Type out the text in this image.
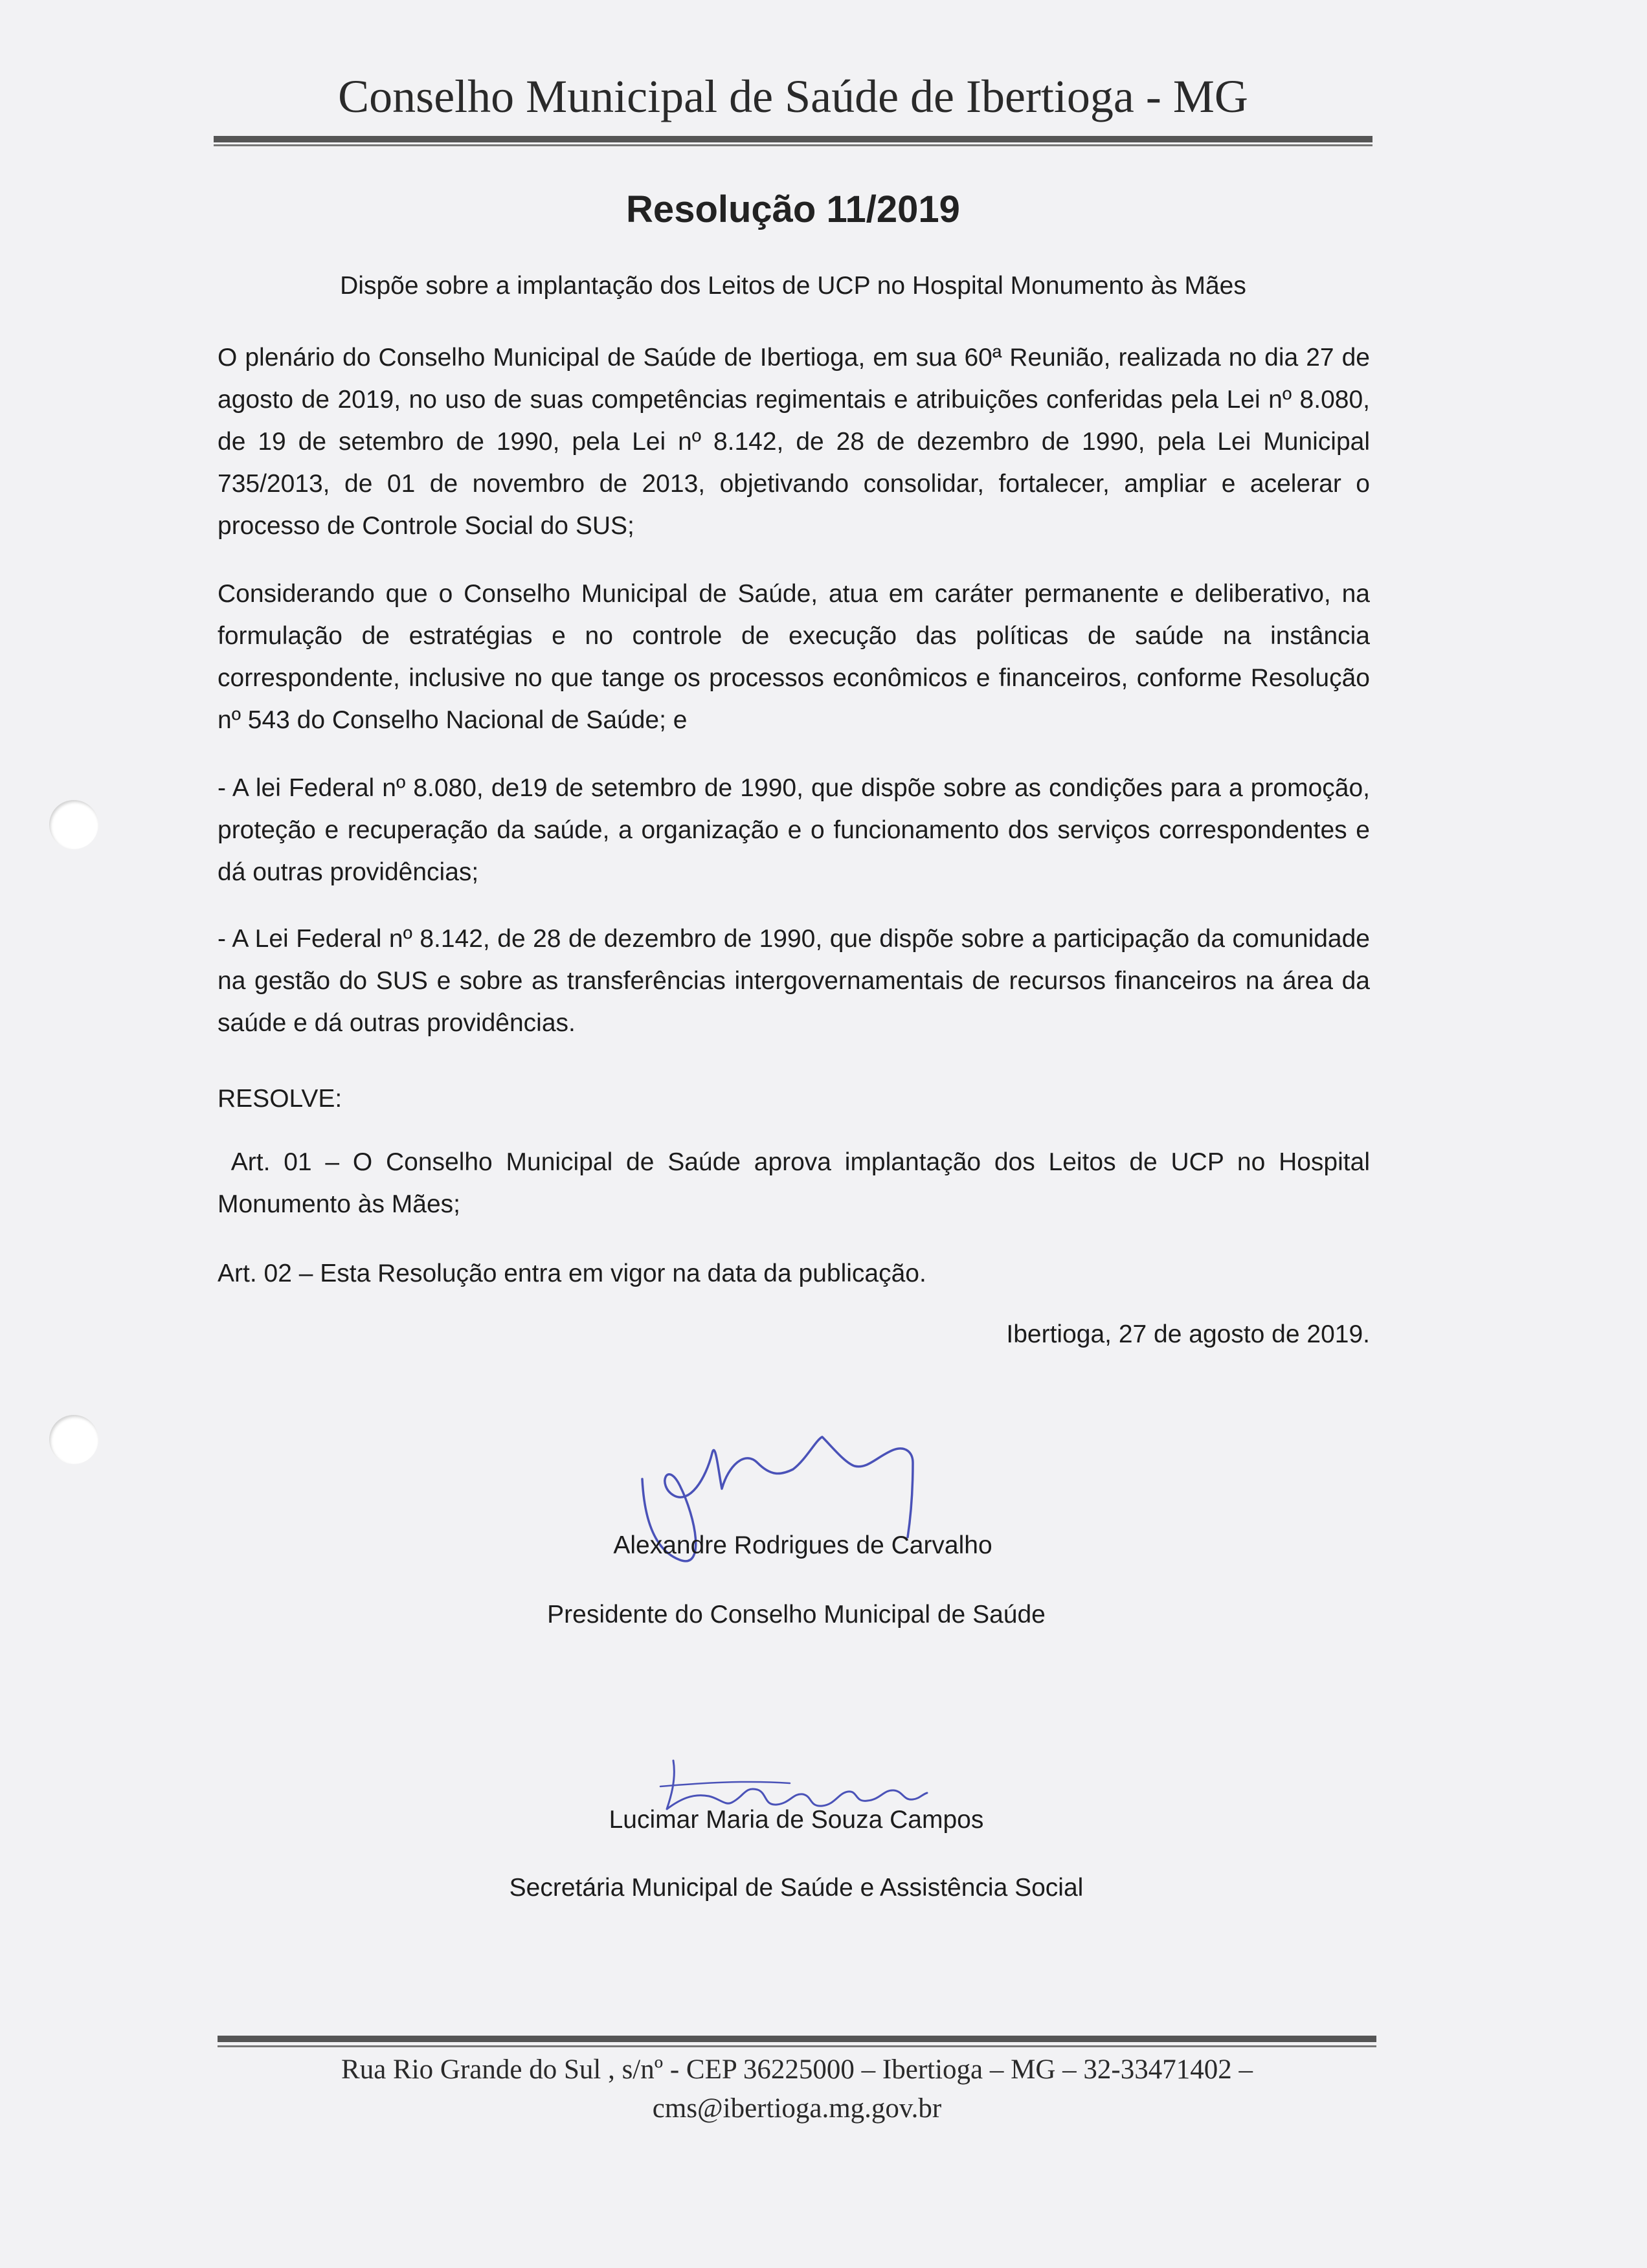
Conselho Municipal de Saúde de Ibertioga - MG
Resolução 11/2019
Dispõe sobre a implantação dos Leitos de UCP no Hospital Monumento às Mães
O plenário do Conselho Municipal de Saúde de Ibertioga, em sua 60ª Reunião, realizada no dia 27 de agosto de 2019, no uso de suas competências regimentais e atribuições conferidas pela Lei nº 8.080, de 19 de setembro de 1990, pela Lei nº 8.142, de 28 de dezembro de 1990, pela Lei Municipal 735/2013, de 01 de novembro de 2013, objetivando consolidar, fortalecer, ampliar e acelerar o processo de Controle Social do SUS;
Considerando que o Conselho Municipal de Saúde, atua em caráter permanente e deliberativo, na formulação de estratégias e no controle de execução das políticas de saúde na instância correspondente, inclusive no que tange os processos econômicos e financeiros, conforme Resolução nº 543 do Conselho Nacional de Saúde; e
- A lei Federal nº 8.080, de19 de setembro de 1990, que dispõe sobre as condições para a promoção, proteção e recuperação da saúde, a organização e o funcionamento dos serviços correspondentes e dá outras providências;
- A Lei Federal nº 8.142, de 28 de dezembro de 1990, que dispõe sobre a participação da comunidade na gestão do SUS e sobre as transferências intergovernamentais de recursos financeiros na área da saúde e dá outras providências.
RESOLVE:
Art. 01 – O Conselho Municipal de Saúde aprova implantação dos Leitos de UCP no Hospital Monumento às Mães;
Art. 02 – Esta Resolução entra em vigor na data da publicação.
Ibertioga, 27 de agosto de 2019.
Alexandre Rodrigues de Carvalho
Presidente do Conselho Municipal de Saúde
Lucimar Maria de Souza Campos
Secretária Municipal de Saúde e Assistência Social
Rua Rio Grande do Sul , s/nº - CEP 36225000 – Ibertioga – MG – 32-33471402 –
cms@ibertioga.mg.gov.br
